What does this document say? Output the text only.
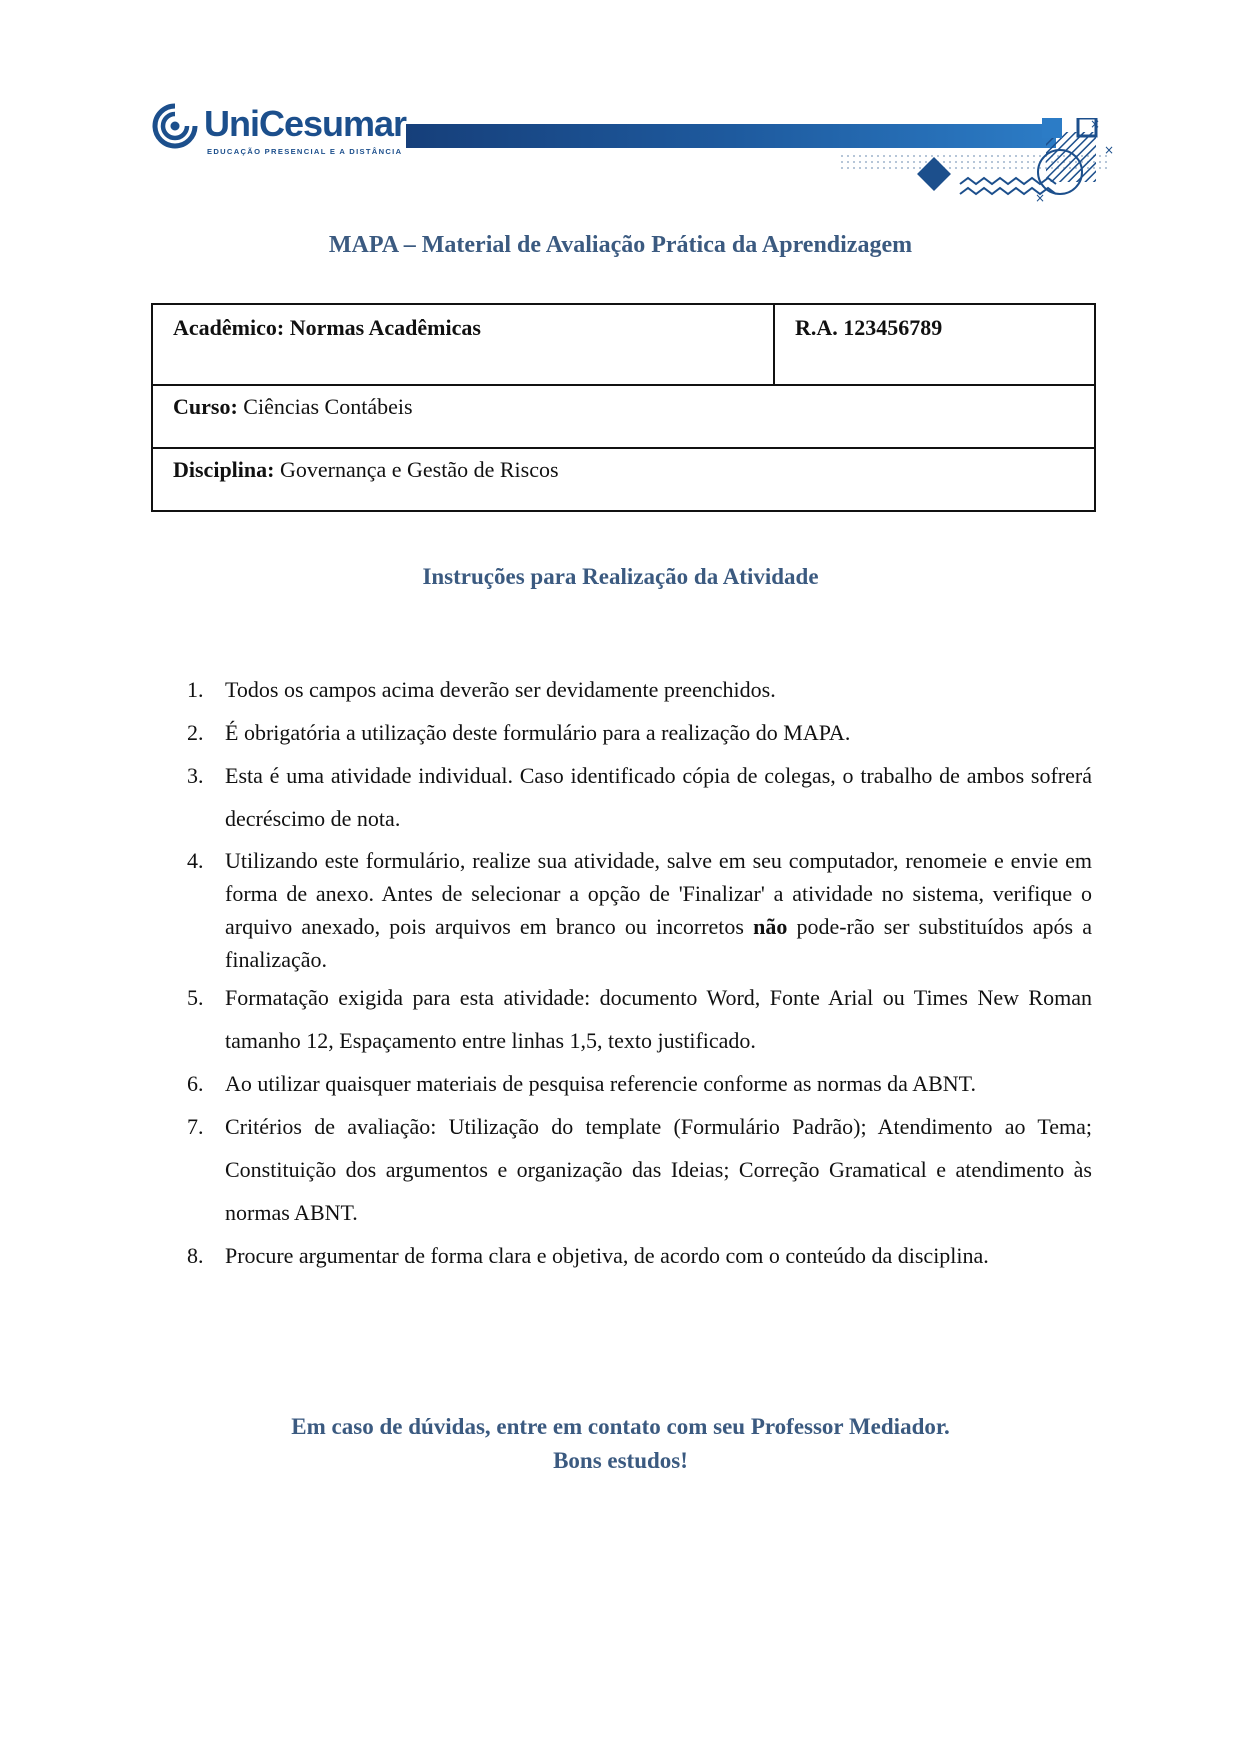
UniCesumar
EDUCAÇÃO PRESENCIAL E A DISTÂNCIA	×
×
×
MAPA – Material de Avaliação Prática da Aprendizagem
Acadêmico: Normas Acadêmicas	R.A. 123456789
Curso: Ciências Contábeis
Disciplina: Governança e Gestão de Riscos
Instruções para Realização da Atividade
1. Todos os campos acima deverão ser devidamente preenchidos.
2. É obrigatória a utilização deste formulário para a realização do MAPA.
3. Esta é uma atividade individual. Caso identificado cópia de colegas, o trabalho de ambos sofrerá decréscimo de nota.
4. Utilizando este formulário, realize sua atividade, salve em seu computador, renomeie e envie em forma de anexo. Antes de selecionar a opção de 'Finalizar' a atividade no sistema, verifique o arquivo anexado, pois arquivos em branco ou incorretos não pode-rão ser substituídos após a finalização.
5. Formatação exigida para esta atividade: documento Word, Fonte Arial ou Times New Roman tamanho 12, Espaçamento entre linhas 1,5, texto justificado.
6. Ao utilizar quaisquer materiais de pesquisa referencie conforme as normas da ABNT.
7. Critérios de avaliação: Utilização do template (Formulário Padrão); Atendimento ao Tema; Constituição dos argumentos e organização das Ideias; Correção Gramatical e atendimento às normas ABNT.
8. Procure argumentar de forma clara e objetiva, de acordo com o conteúdo da disciplina.
Em caso de dúvidas, entre em contato com seu Professor Mediador.
Bons estudos!
